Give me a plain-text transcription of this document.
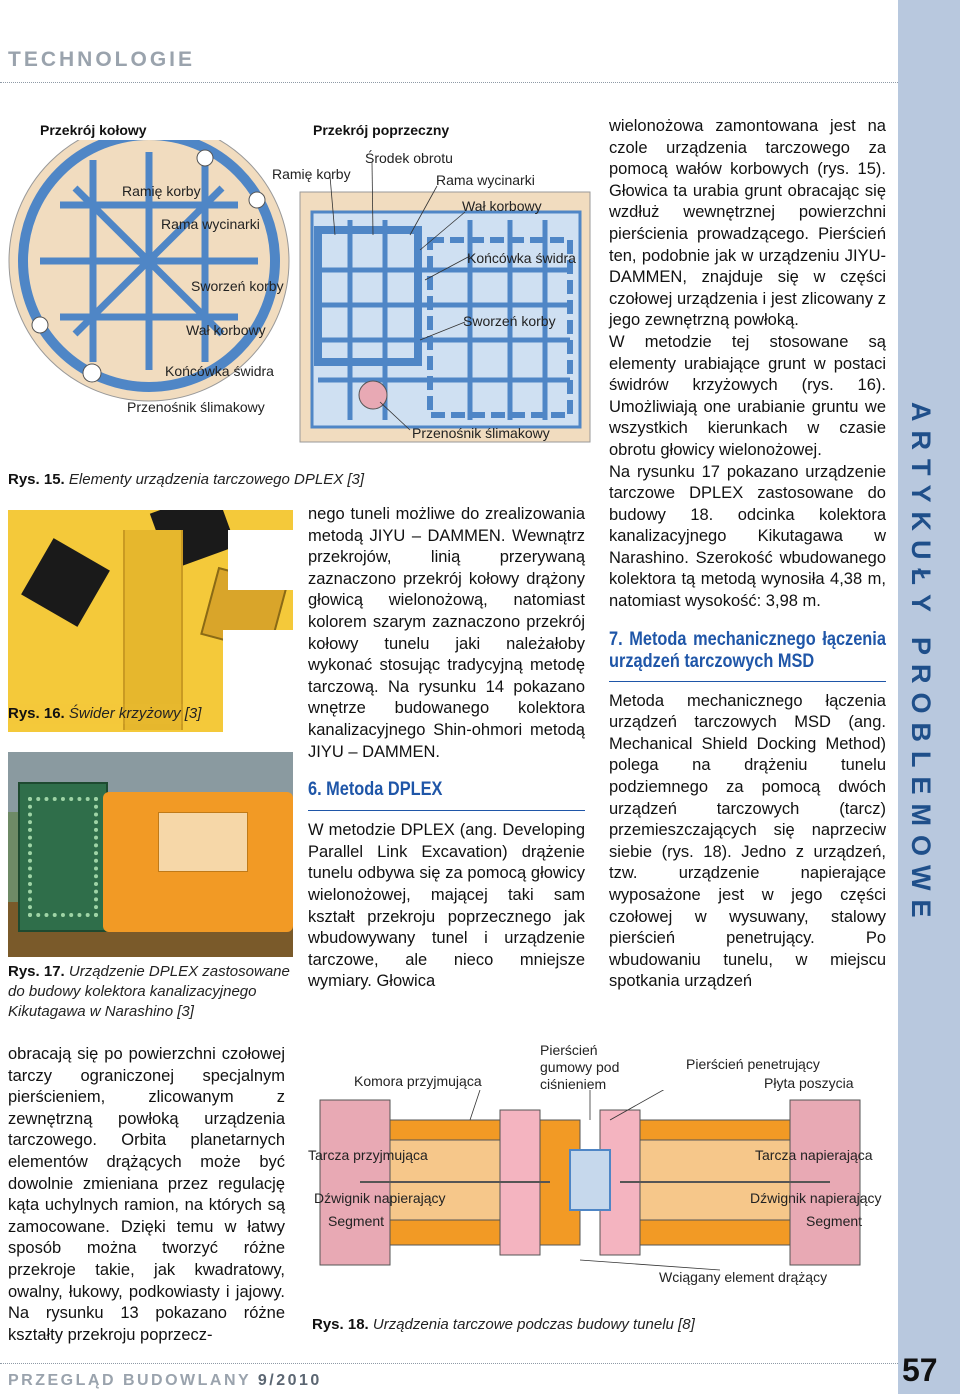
TECHNOLOGIE
ARTYKUŁY PROBLEMOWE
Przekrój kołowy	Przekrój poprzeczny
Ramię korby
Rama wycinarki
Sworzeń korby
Wał korbowy
Końcówka świdra
Przenośnik ślimakowy
Środek obrotu
Ramię korby	Rama wycinarki
Wał korbowy
Końcówka świdra
Sworzeń korby
Przenośnik ślimakowy
Rys. 15. Elementy urządzenia tarczowego DPLEX [3]
Rys. 16. Świder krzyżowy [3]
Rys. 17. Urządzenie DPLEX zastosowane do budowy kolektora kanalizacyjnego Kikutagawa w Narashino [3]
obracają się po powierzchni czołowej tarczy ograniczonej specjalnym pierścieniem, zlicowanym z zewnętrzną powłoką urządzenia tarczowego. Orbita planetarnych elementów drążących może być dowolnie zmieniana przez regulację kąta uchylnych ramion, na których są zamocowane. Dzięki temu w łatwy sposób można tworzyć różne przekroje takie, jak kwadratowy, owalny, łukowy, podkowiasty i jajowy. Na rysunku 13 pokazano różne kształty przekroju poprzecz-

nego tuneli możliwe do zrealizowania metodą JIYU – DAMMEN. Wewnątrz przekrojów, linią przerywaną zaznaczono przekrój kołowy drążony głowicą wielonożową, natomiast kolorem szarym zaznaczono przekrój kołowy tunelu jaki należałoby wykonać stosując tradycyjną metodę tarczową. Na rysunku 14 pokazano wnętrze budowanego kolektora kanalizacyjnego Shin-ohmori metodą JIYU – DAMMEN.

6. Metoda DPLEX

W metodzie DPLEX (ang. Developing Parallel Link Excavation) drążenie tunelu odbywa się za pomocą głowicy wielonożowej, mającej taki sam kształt przekroju poprzecznego jak wbudowywany tunel i urządzenie tarczowe, ale nieco mniejsze wymiary. Głowica

wielonożowa zamontowana jest na czole urządzenia tarczowego za pomocą wałów korbowych (rys. 15). Głowica ta urabia grunt obracając się wzdłuż wewnętrznej powierzchni pierścienia prowadzącego. Pierścień ten, podobnie jak w urządzeniu JIYU-DAMMEN, znajduje się w części czołowej urządzenia i jest zlicowany z jego zewnętrzną powłoką.

W metodzie tej stosowane są elementy urabiające grunt w postaci świdrów krzyżowych (rys. 16). Umożliwiają one urabianie gruntu we wszystkich kierunkach w czasie obrotu głowicy wielonożowej.

Na rysunku 17 pokazano urządzenie tarczowe DPLEX zastosowane do budowy 18. odcinka kolektora kanalizacyjnego Kikutagawa w Narashino. Szerokość wbudowanego kolektora tą metodą wynosiła 4,38 m, natomiast wysokość: 3,98 m.

7. Metoda mechanicznego łączenia urządzeń tarczowych MSD

Metoda mechanicznego łączenia urządzeń tarczowych MSD (ang. Mechanical Shield Docking Method) polega na drążeniu tunelu podziemnego za pomocą dwóch urządzeń tarczowych (tarcz) przemieszczających się naprzeciw siebie (rys. 18). Jedno z urządzeń, tzw. urządzenie napierające wyposażone jest w jego części czołowej w wysuwany, stalowy pierścień penetrujący. Po wbudowaniu tunelu, w miejscu spotkania urządzeń

Komora przyjmująca
Pierścień gumowy pod ciśnieniem
Pierścień penetrujący
Płyta poszycia
Tarcza przyjmująca	Tarcza napierająca
Dźwignik napierający
Segment
Dźwignik napierający
Segment
Wciągany element drążący
Rys. 18. Urządzenia tarczowe podczas budowy tunelu [8]
PRZEGLĄD BUDOWLANY 9/2010	57
